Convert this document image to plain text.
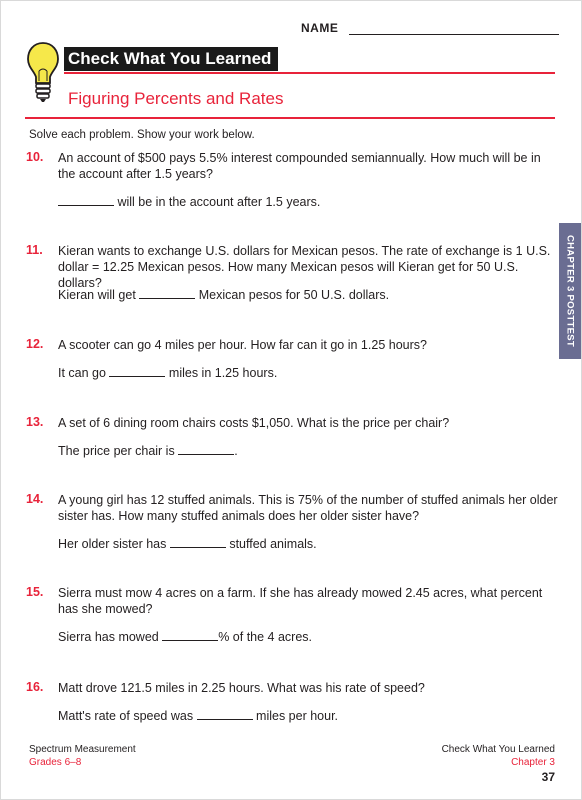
NAME
Check What You Learned
Figuring Percents and Rates
Solve each problem. Show your work below.
10. An account of $500 pays 5.5% interest compounded semiannually. How much will be in the account after 1.5 years?
will be in the account after 1.5 years.
11. Kieran wants to exchange U.S. dollars for Mexican pesos. The rate of exchange is 1 U.S. dollar = 12.25 Mexican pesos. How many Mexican pesos will Kieran get for 50 U.S. dollars?
Kieran will get	Mexican pesos for 50 U.S. dollars.
12. A scooter can go 4 miles per hour. How far can it go in 1.25 hours?
It can go	miles in 1.25 hours.
13. A set of 6 dining room chairs costs $1,050. What is the price per chair?
The price per chair is	.
14. A young girl has 12 stuffed animals. This is 75% of the number of stuffed animals her older sister has. How many stuffed animals does her older sister have?
Her older sister has	stuffed animals.
15. Sierra must mow 4 acres on a farm. If she has already mowed 2.45 acres, what percent has she mowed?
Sierra has mowed	% of the 4 acres.
16. Matt drove 121.5 miles in 2.25 hours. What was his rate of speed?
Matt's rate of speed was	miles per hour.
CHAPTER 3 POSTTEST
Spectrum Measurement
Grades 6–8
Check What You Learned
Chapter 3
37
